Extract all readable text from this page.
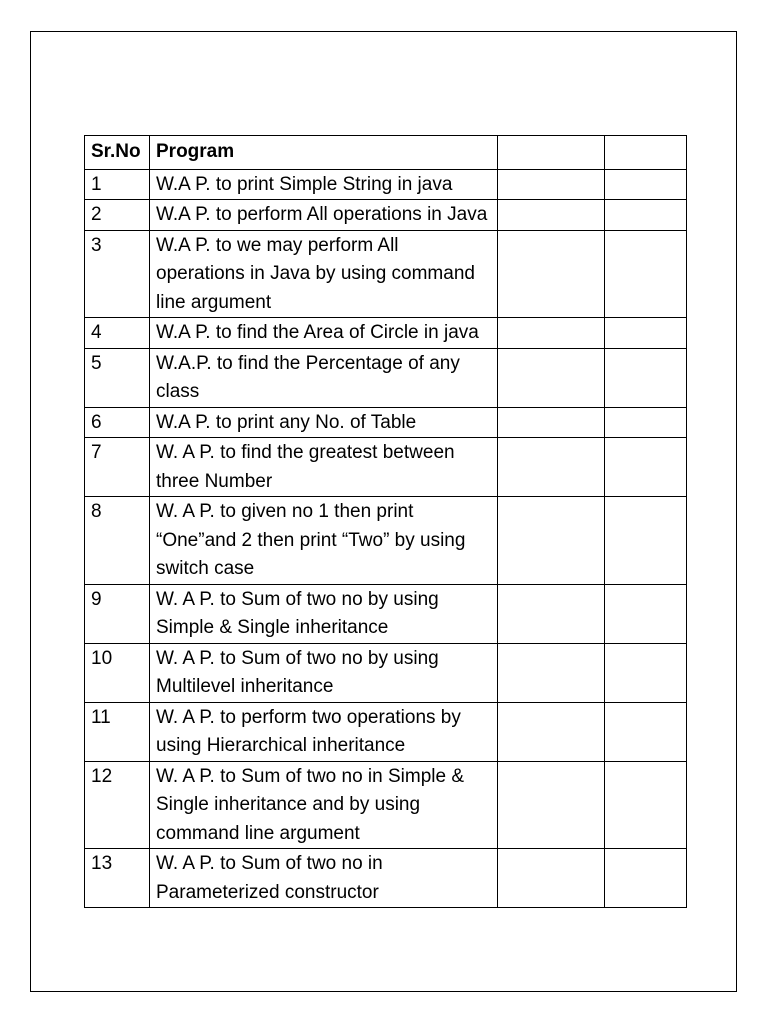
Sr.No	Program		
1	W.A P. to print Simple String in java		
2	W.A P. to perform All operations in Java		
3	W.A P. to we may perform All operations in Java by using command line argument		
4	W.A P. to find the Area of Circle in java		
5	W.A.P. to find the Percentage of any class		
6	W.A P. to print any No. of Table		
7	W. A P. to find the greatest between three Number		
8	W. A P. to given no 1 then print “One”and 2 then print “Two” by using switch case		
9	W. A P. to Sum of two no by using Simple & Single inheritance		
10	W. A P. to Sum of two no by using Multilevel inheritance		
11	W. A P. to perform two operations by using Hierarchical inheritance		
12	W. A P. to Sum of two no in Simple & Single inheritance and by using command line argument		
13	W. A P. to Sum of two no in Parameterized constructor		
